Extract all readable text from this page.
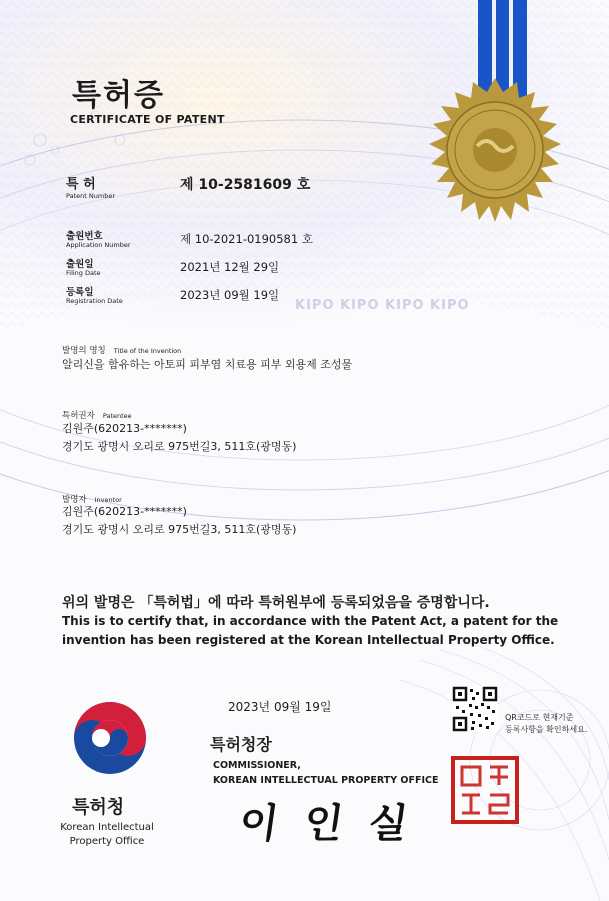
특허증
CERTIFICATE OF PATENT
특 허
Patent Number
제 10-2581609 호
출원번호
Application Number	제 10-2021-0190581 호
출원일
Filing Date	2021년 12월 29일
등록일
Registration Date	2023년 09월 19일
KIPO KIPO KIPO KIPO
발명의 명칭 Title of the Invention
알리신을 함유하는 아토피 피부염 치료용 피부 외용제 조성물
특허권자 Patentee
김원주(620213-*******)
경기도 광명시 오리로 975번길3, 511호(광명동)
발명자 Inventor
김원주(620213-*******)
경기도 광명시 오리로 975번길3, 511호(광명동)
위의 발명은 「특허법」에 따라 특허원부에 등록되었음을 증명합니다.
This is to certify that, in accordance with the Patent Act, a patent for the
invention has been registered at the Korean Intellectual Property Office.
2023년 09월 19일
QR코드로 현재기준
등록사항을 확인하세요.
특허청
Korean Intellectual
Property Office
특허청장
COMMISSIONER,
KOREAN INTELLECTUAL PROPERTY OFFICE
이 인 실
